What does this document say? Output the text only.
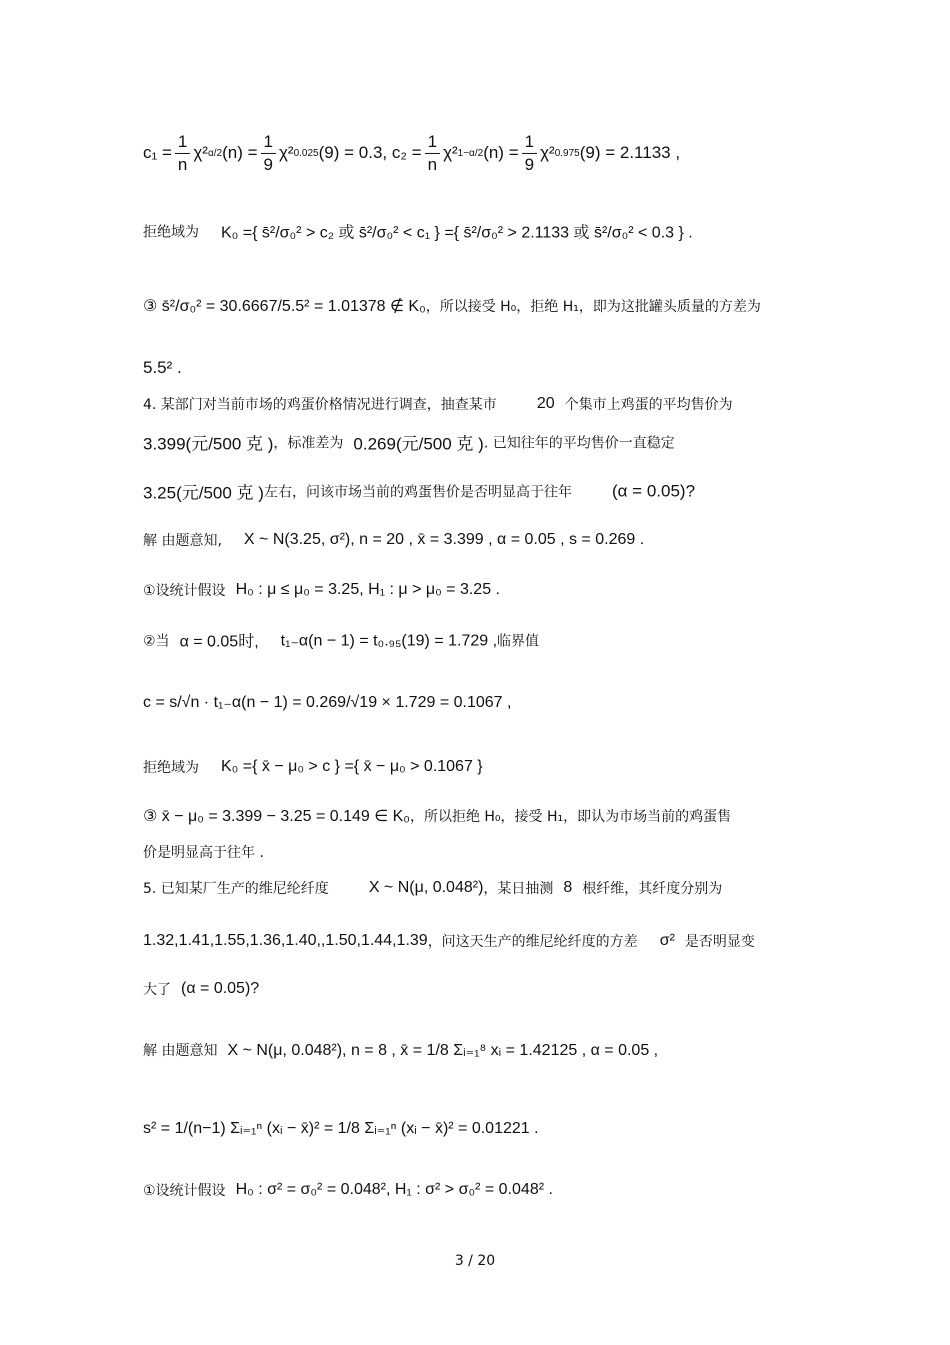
$c_1 = \frac{1}{n} \chi^2$ α/2 $(n) = \frac{1}{9} \chi^2$ 0.025 (9) = 0.3, $c_2 = \frac{1}{n} \chi^2$ 1−α/2 $(n) = \frac{1}{9} \chi^2$ 0.975 (9) = 2.1133 ,
拒绝域为 K₀ ={ s̄²/σ₀² > c₂ 或 s̄²/σ₀² < c₁ } ={ s̄²/σ₀² > 2.1133 或 s̄²/σ₀² < 0.3 } .
③ s̄²/σ₀² = 30.6667/5.5² = 1.01378 ∉ K₀ ，所以接受 H₀，拒绝 H₁，即为这批罐头质量的方差为
5.5² .
4. 某部门对当前市场的鸡蛋价格情况进行调查，抽查某市	20 个集市上鸡蛋的平均售价为
3.399(元/500 克 ) ，标准差为 0.269(元/500 克 ) . 已知往年的平均售价一直稳定
3.25(元/500 克 ) 左右，问该市场当前的鸡蛋售价是否明显高于往年 (α = 0.05)?
解 由题意知, X ~ N(3.25, σ²), n = 20 , x̄ = 3.399 , α = 0.05 , s = 0.269 .
①设统计假设 H₀ : μ ≤ μ₀ = 3.25, H₁ : μ > μ₀ = 3.25 .
②当 α = 0.05时, t₁₋α(n − 1) = t₀.₉₅(19) = 1.729 , 临界值
c = s/√n · t₁₋α(n − 1) = 0.269/√19 × 1.729 = 0.1067 ,
拒绝域为 K₀ ={ x̄ − μ₀ > c } ={ x̄ − μ₀ > 0.1067 }
③ x̄ − μ₀ = 3.399 − 3.25 = 0.149 ∈ K₀ ，所以拒绝 H₀，接受 H₁，即认为市场当前的鸡蛋售
价是明显高于往年 .
5. 已知某厂生产的维尼纶纤度	X ~ N(μ, 0.048²) ，某日抽测 8 根纤维，其纤度分别为
1.32,1.41,1.55,1.36,1.40,,1.50,1.44,1.39 ，问这天生产的维尼纶纤度的方差 σ² 是否明显变
大了 (α = 0.05)?
解 由题意知 X ~ N(μ, 0.048²), n = 8 , x̄ = 1/8 Σᵢ₌₁⁸ xᵢ = 1.42125 , α = 0.05 ,
s² = 1/(n−1) Σᵢ₌₁ⁿ (xᵢ − x̄)² = 1/8 Σᵢ₌₁ⁿ (xᵢ − x̄)² = 0.01221 .
①设统计假设 H₀ : σ² = σ₀² = 0.048², H₁ : σ² > σ₀² = 0.048² .
3 / 20
